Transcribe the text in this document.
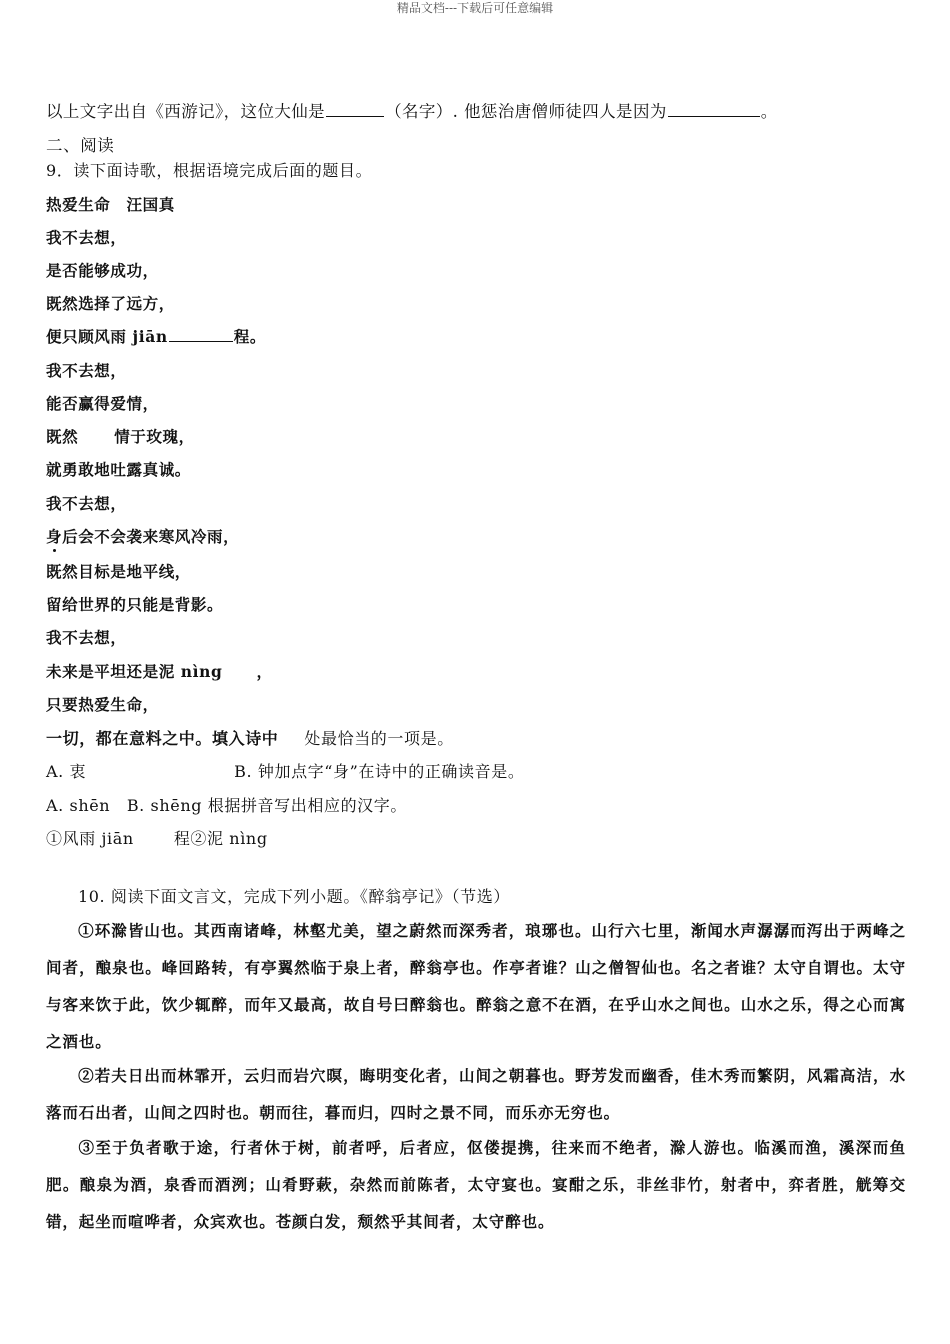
精品文档---下载后可任意编辑
以上文字出自《西游记》，这位大仙是	（名字）. 他惩治唐僧师徒四人是因为	。
二、阅读
9．读下面诗歌，根据语境完成后面的题目。
热爱生命　汪国真
我不去想，
是否能够成功，
既然选择了远方，
便只顾风雨 jiān	程。
我不去想，
能否赢得爱情，
既然 情于玫瑰，
就勇敢地吐露真诚。
我不去想，
身后会不会袭来寒风冷雨，
既然目标是地平线，
留给世界的只能是背影。
我不去想，
未来是平坦还是泥 nìng ，
只要热爱生命，
一切，都在意料之中。填入诗中 处最恰当的一项是。
A. 衷	B. 钟加点字“身”在诗中的正确读音是。
A. shēn　B. shēng 根据拼音写出相应的汉字。
①风雨 jiān	程②泥 nìng
10. 阅读下面文言文，完成下列小题。《醉翁亭记》（节选）
①环滁皆山也。其西南诸峰，林壑尤美，望之蔚然而深秀者，琅琊也。山行六七里，渐闻水声潺潺而泻出于两峰之间者，酿泉也。峰回路转，有亭翼然临于泉上者，醉翁亭也。作亭者谁？山之僧智仙也。名之者谁？太守自谓也。太守与客来饮于此，饮少辄醉，而年又最高，故自号曰醉翁也。醉翁之意不在酒，在乎山水之间也。山水之乐，得之心而寓之酒也。
②若夫日出而林霏开，云归而岩穴暝，晦明变化者，山间之朝暮也。野芳发而幽香，佳木秀而繁阴，风霜高洁，水落而石出者，山间之四时也。朝而往，暮而归，四时之景不同，而乐亦无穷也。
③至于负者歌于途，行者休于树，前者呼，后者应，伛偻提携，往来而不绝者，滁人游也。临溪而渔，溪深而鱼肥。酿泉为酒，泉香而酒洌；山肴野蔌，杂然而前陈者，太守宴也。宴酣之乐，非丝非竹，射者中，弈者胜，觥筹交错，起坐而喧哗者，众宾欢也。苍颜白发，颓然乎其间者，太守醉也。
